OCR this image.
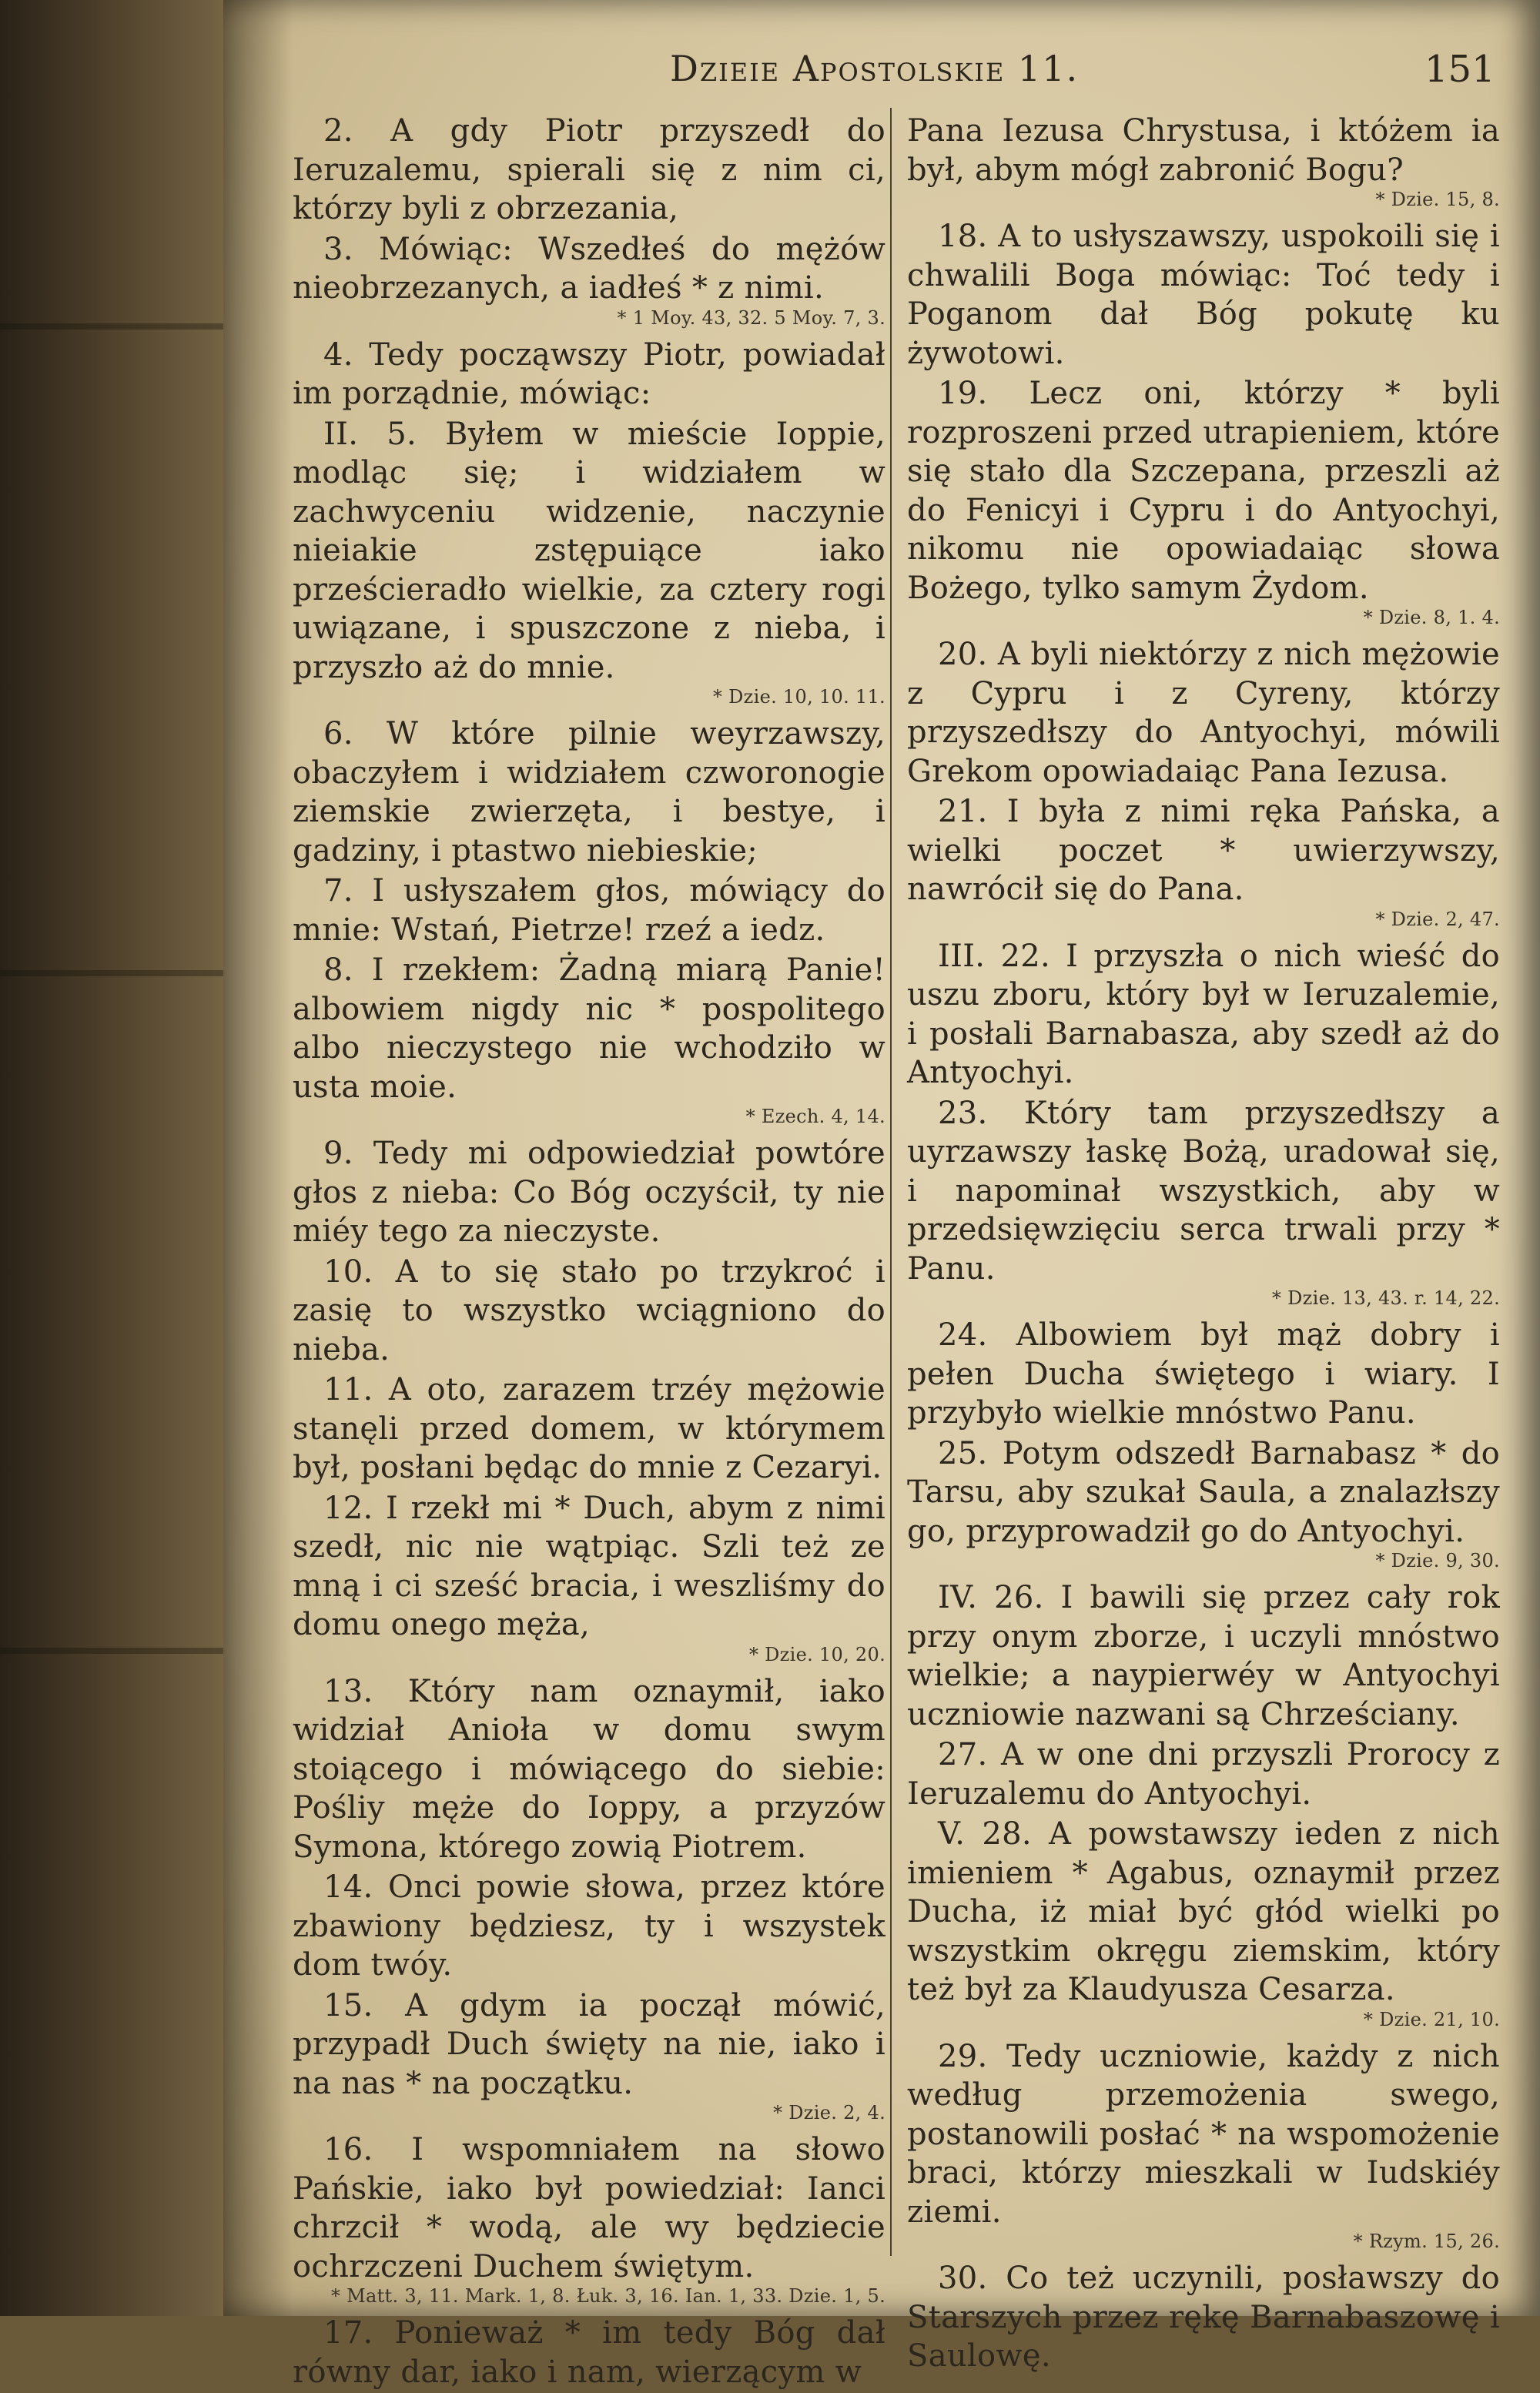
Dzieie Apostolskie 11.	151

2. A gdy Piotr przyszedł do Ieruzalemu, spierali się z nim ci, którzy byli z obrzezania,

3. Mówiąc: Wszedłeś do mężów nieobrzezanych, a iadłeś * z nimi.

* 1 Moy. 43, 32. 5 Moy. 7, 3.

4. Tedy począwszy Piotr, powiadał im porządnie, mówiąc:

II. 5. Byłem w mieście Ioppie, modląc się; i widziałem w zachwyceniu widzenie, naczynie nieiakie zstępuiące iako prześcieradło wielkie, za cztery rogi uwiązane, i spuszczone z nieba, i przyszło aż do mnie.

* Dzie. 10, 10. 11.

6. W które pilnie weyrzawszy, obaczyłem i widziałem czworonogie ziemskie zwierzęta, i bestye, i gadziny, i ptastwo niebieskie;

7. I usłyszałem głos, mówiący do mnie: Wstań, Pietrze! rzeź a iedz.

8. I rzekłem: Żadną miarą Panie! albowiem nigdy nic * pospolitego albo nieczystego nie wchodziło w usta moie.

* Ezech. 4, 14.

9. Tedy mi odpowiedział powtóre głos z nieba: Co Bóg oczyścił, ty nie miéy tego za nieczyste.

10. A to się stało po trzykroć i zasię to wszystko wciągniono do nieba.

11. A oto, zarazem trzéy mężowie stanęli przed domem, w którymem był, posłani będąc do mnie z Cezaryi.

12. I rzekł mi * Duch, abym z nimi szedł, nic nie wątpiąc. Szli też ze mną i ci sześć bracia, i weszliśmy do domu onego męża,

* Dzie. 10, 20.

13. Który nam oznaymił, iako widział Anioła w domu swym stoiącego i mówiącego do siebie: Pośliy męże do Ioppy, a przyzów Symona, którego zowią Piotrem.

14. Onci powie słowa, przez które zbawiony będziesz, ty i wszystek dom twóy.

15. A gdym ia począł mówić, przypadł Duch święty na nie, iako i na nas * na początku.

* Dzie. 2, 4.

16. I wspomniałem na słowo Pańskie, iako był powiedział: Ianci chrzcił * wodą, ale wy będziecie ochrzczeni Duchem świętym.

* Matt. 3, 11. Mark. 1, 8. Łuk. 3, 16. Ian. 1, 33. Dzie. 1, 5.

17. Ponieważ * im tedy Bóg dał równy dar, iako i nam, wierzącym w

Pana Iezusa Chrystusa, i któżem ia był, abym mógł zabronić Bogu?

* Dzie. 15, 8.

18. A to usłyszawszy, uspokoili się i chwalili Boga mówiąc: Toć tedy i Poganom dał Bóg pokutę ku żywotowi.

19. Lecz oni, którzy * byli rozproszeni przed utrapieniem, które się stało dla Szczepana, przeszli aż do Fenicyi i Cypru i do Antyochyi, nikomu nie opowiadaiąc słowa Bożego, tylko samym Żydom.

* Dzie. 8, 1. 4.

20. A byli niektórzy z nich mężowie z Cypru i z Cyreny, którzy przyszedłszy do Antyochyi, mówili Grekom opowiadaiąc Pana Iezusa.

21. I była z nimi ręka Pańska, a wielki poczet * uwierzywszy, nawrócił się do Pana.

* Dzie. 2, 47.

III. 22. I przyszła o nich wieść do uszu zboru, który był w Ieruzalemie, i posłali Barnabasza, aby szedł aż do Antyochyi.

23. Który tam przyszedłszy a uyrzawszy łaskę Bożą, uradował się, i napominał wszystkich, aby w przedsięwzięciu serca trwali przy * Panu.

* Dzie. 13, 43. r. 14, 22.

24. Albowiem był mąż dobry i pełen Ducha świętego i wiary. I przybyło wielkie mnóstwo Panu.

25. Potym odszedł Barnabasz * do Tarsu, aby szukał Saula, a znalazłszy go, przyprowadził go do Antyochyi.

* Dzie. 9, 30.

IV. 26. I bawili się przez cały rok przy onym zborze, i uczyli mnóstwo wielkie; a naypierwéy w Antyochyi uczniowie nazwani są Chrześciany.

27. A w one dni przyszli Prorocy z Ieruzalemu do Antyochyi.

V. 28. A powstawszy ieden z nich imieniem * Agabus, oznaymił przez Ducha, iż miał być głód wielki po wszystkim okręgu ziemskim, który też był za Klaudyusza Cesarza.

* Dzie. 21, 10.

29. Tedy uczniowie, każdy z nich według przemożenia swego, postanowili posłać * na wspomożenie braci, którzy mieszkali w Iudskiéy ziemi.

* Rzym. 15, 26.

30. Co też uczynili, posławszy do Starszych przez rękę Barnabaszowę i Saulowę.
